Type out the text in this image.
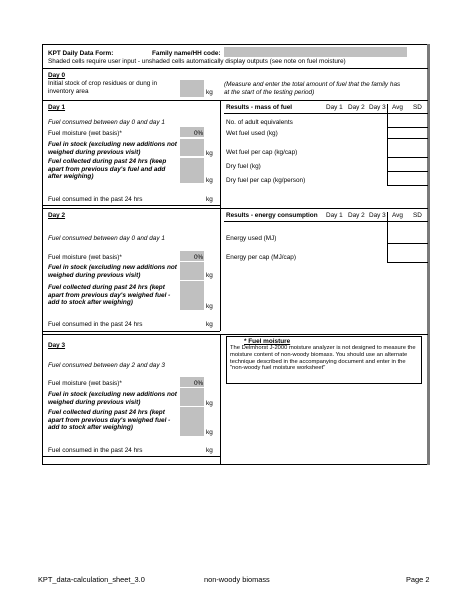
KPT Daily Data Form:	Family name/HH code:
Shaded cells require user input - unshaded cells automatically display outputs (see note on fuel moisture)
Day 0
Initial stock of crop residues or dung in inventory area	kg
(Measure and enter the total amount of fuel that the family has at the start of the testing period)
Day 1
Fuel consumed between day 0 and day 1
Fuel moisture (wet basis)*	0%
Fuel in stock (excluding new additions not weighed during previous visit)	kg
Fuel collected during past 24 hrs (keep apart from previous day's fuel and add after weighing)
kg
Fuel consumed in the past 24 hrs	kg
Results - mass of fuel	Day 1 Day 2 Day 3 Avg SD
No. of adult equivalents
Wet fuel used (kg)
Wet fuel per cap (kg/cap)
Dry fuel (kg)
Dry fuel per cap (kg/person)
Day 2
Fuel consumed between day 0 and day 1
Fuel moisture (wet basis)*	0%
Fuel in stock (excluding new additions not weighed during previous visit)	kg
Fuel collected during past 24 hrs (kept apart from previous day's weighed fuel - add to stock after weighing)
kg
Fuel consumed in the past 24 hrs	kg
Results - energy consumption Day 1 Day 2 Day 3 Avg SD
Energy used (MJ)
Energy per cap (MJ/cap)
* Fuel moisture
The Delmhorst J-2000 moisture analyzer is not designed to measure the moisture content of non-woody biomass. You should use an alternate technique described in the accompanying document and enter in the "non-woody fuel moisture worksheet"
Day 3
Fuel consumed between day 2 and day 3
Fuel moisture (wet basis)*	0%
Fuel in stock (excluding new additions not weighed during previous visit)	kg
Fuel collected during past 24 hrs (kept apart from previous day's weighed fuel - add to stock after weighing)
kg
Fuel consumed in the past 24 hrs	kg
KPT_data-calculation_sheet_3.0	non-woody biomass	Page 2
